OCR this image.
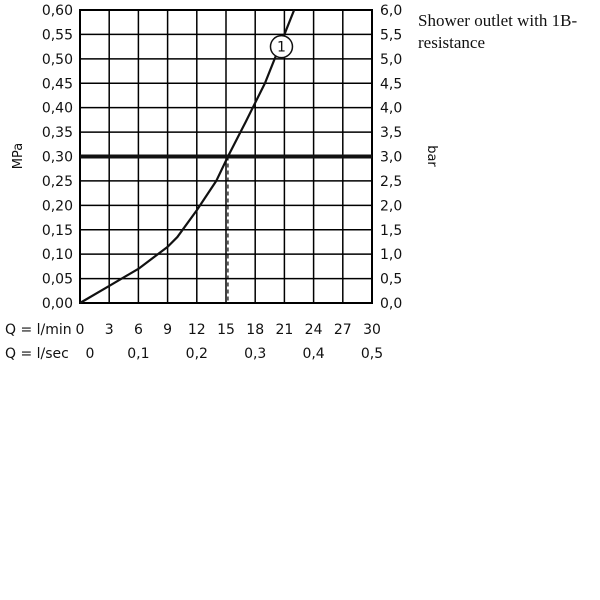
1
0,00
0,05
0,10
0,15
0,20
0,25
0,30
0,35
0,40
0,45
0,50
0,55
0,60
0,0
0,5
1,0
1,5
2,0
2,5
3,0
3,5
4,0
4,5
5,0
5,5
6,0
0 3 6 9 12 15 18 21 24 27 30
0 0,1	0,2	0,3	0,4	0,5
MPa	bar
Q = l/min
Q = l/sec
Shower outlet with 1B-resistance
